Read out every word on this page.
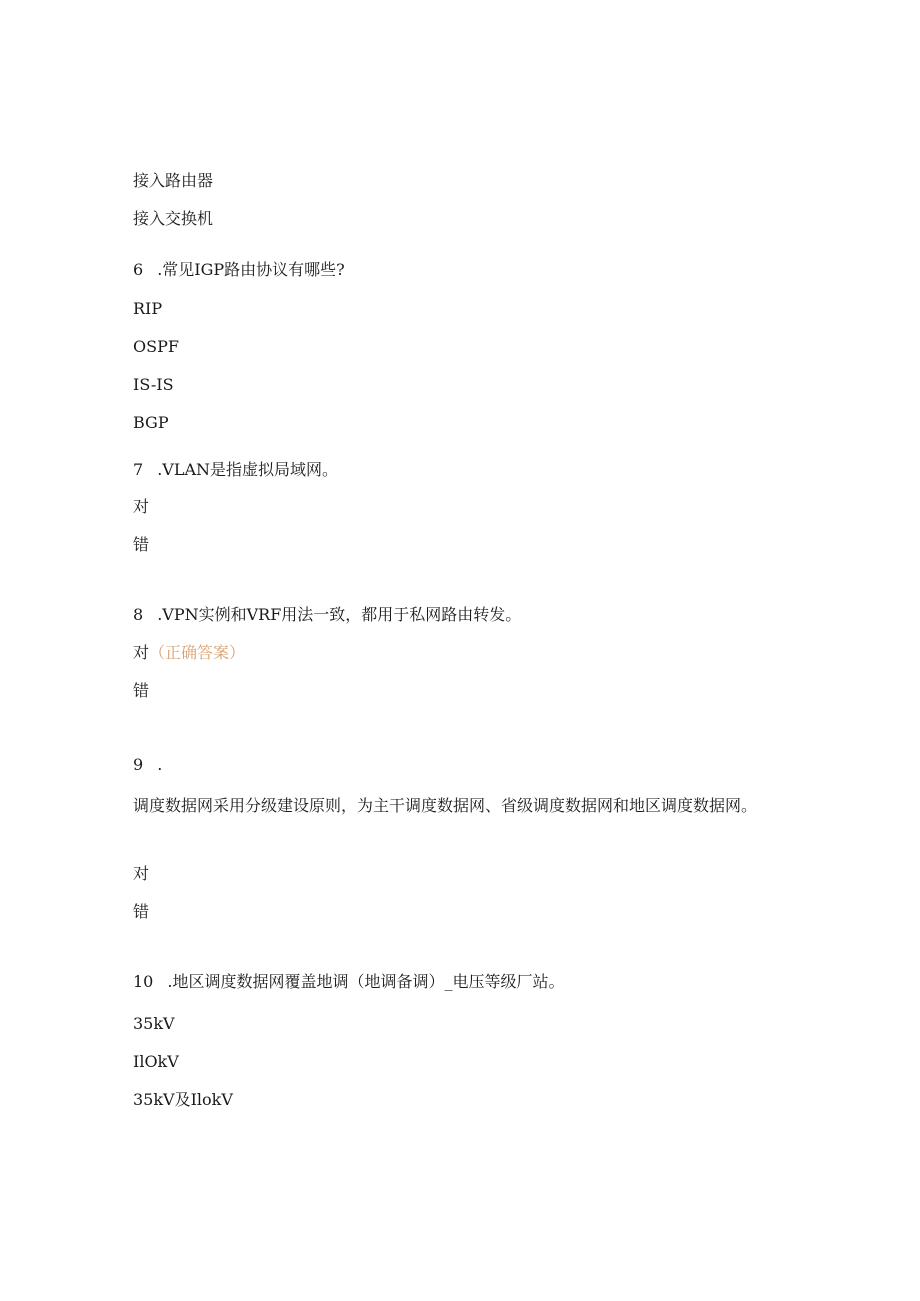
接入路由器
接入交换机
6 .常见IGP路由协议有哪些?
RIP
OSPF
IS-IS
BGP
7 .VLAN是指虚拟局域网。
对
错
8 .VPN实例和VRF用法一致，都用于私网路由转发。
对（正确答案）
错
9 .
调度数据网采用分级建设原则，为主干调度数据网、省级调度数据网和地区调度数据网。
对
错
10 .地区调度数据网覆盖地调（地调备调）_电压等级厂站。
35kV
IlOkV
35kV及IlokV
